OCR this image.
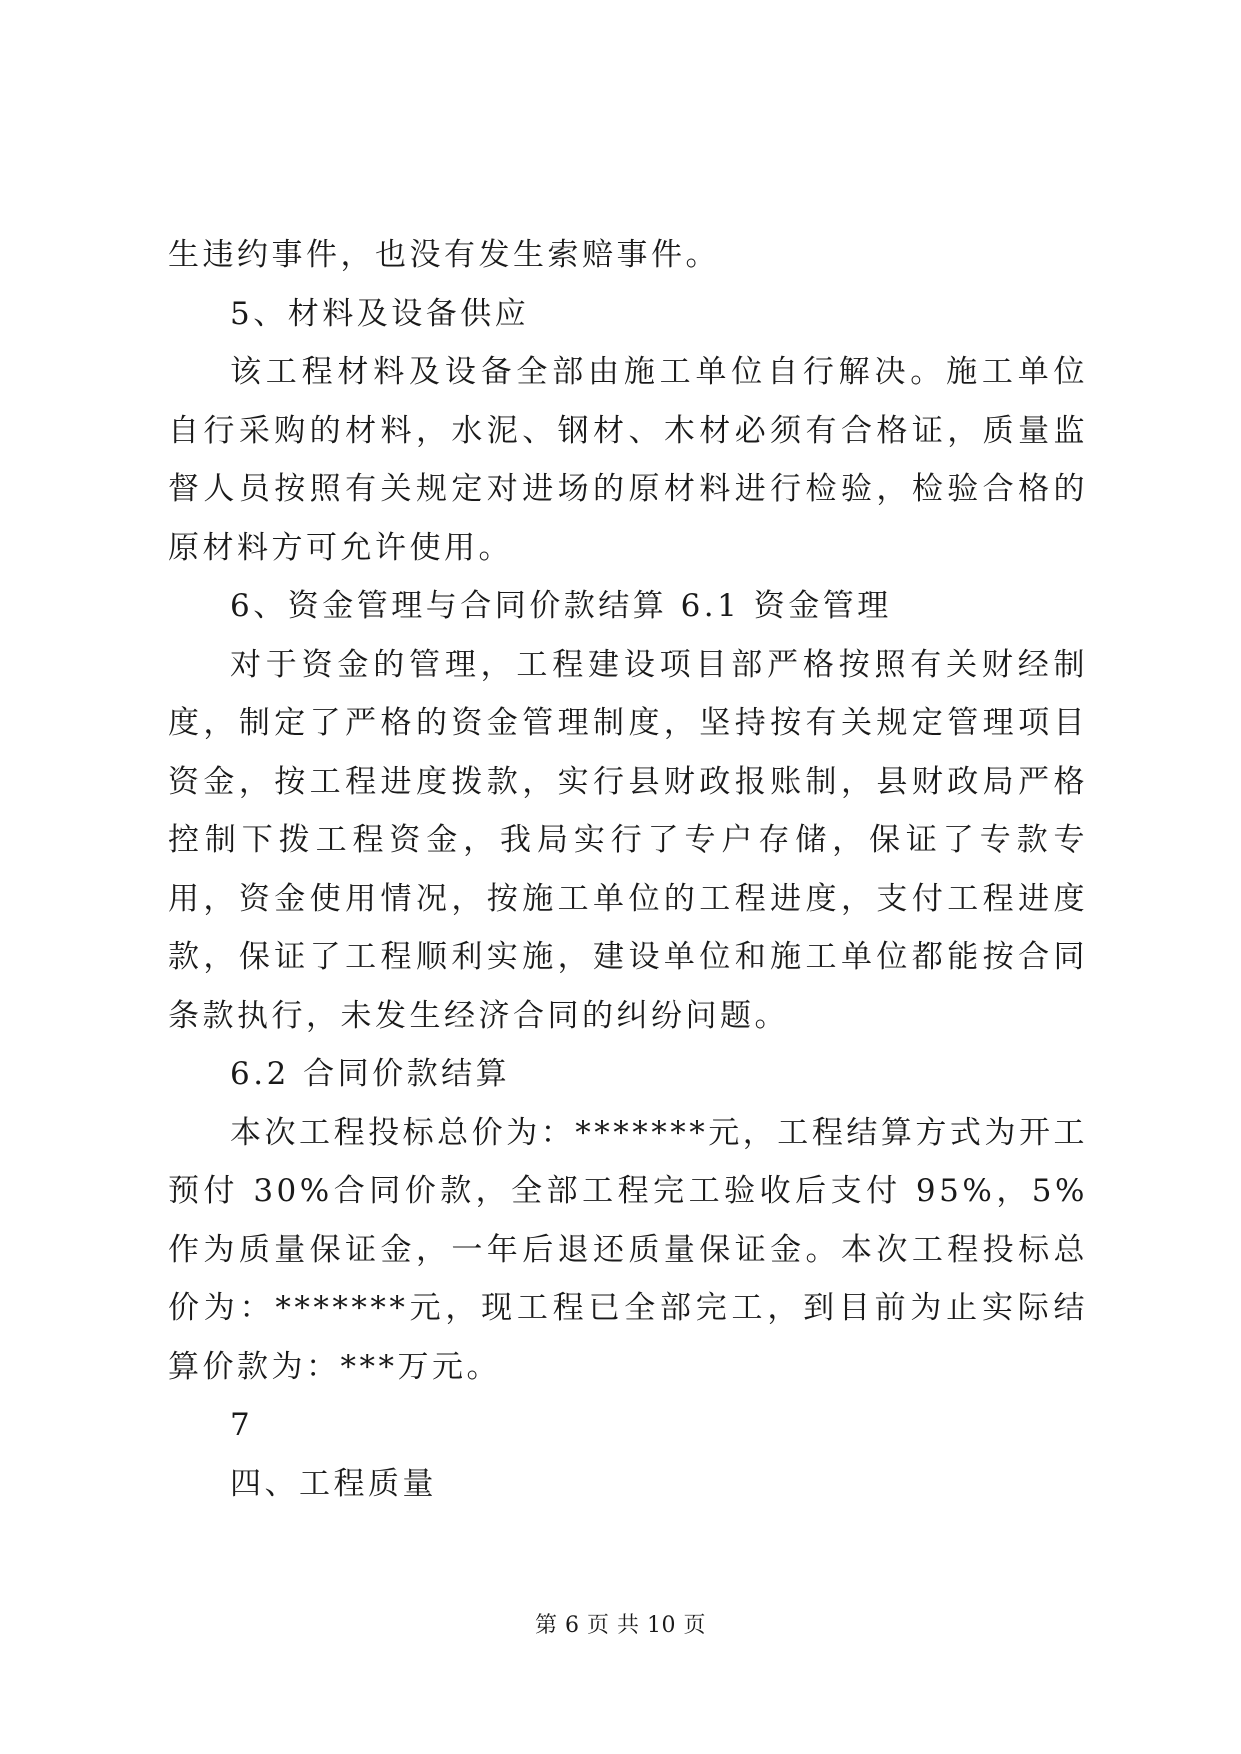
生违约事件，也没有发生索赔事件。

5、材料及设备供应

该工程材料及设备全部由施工单位自行解决。施工单位自行采购的材料，水泥、钢材、木材必须有合格证，质量监督人员按照有关规定对进场的原材料进行检验，检验合格的原材料方可允许使用。

6、资金管理与合同价款结算 6.1 资金管理

对于资金的管理，工程建设项目部严格按照有关财经制度，制定了严格的资金管理制度，坚持按有关规定管理项目资金，按工程进度拨款，实行县财政报账制，县财政局严格控制下拨工程资金，我局实行了专户存储，保证了专款专用，资金使用情况，按施工单位的工程进度，支付工程进度款，保证了工程顺利实施，建设单位和施工单位都能按合同条款执行，未发生经济合同的纠纷问题。

6.2 合同价款结算

本次工程投标总价为：*******元，工程结算方式为开工预付 30%合同价款，全部工程完工验收后支付 95%，5%作为质量保证金，一年后退还质量保证金。本次工程投标总价为：*******元，现工程已全部完工，到目前为止实际结算价款为：***万元。

7

四、工程质量

第 6 页 共 10 页
